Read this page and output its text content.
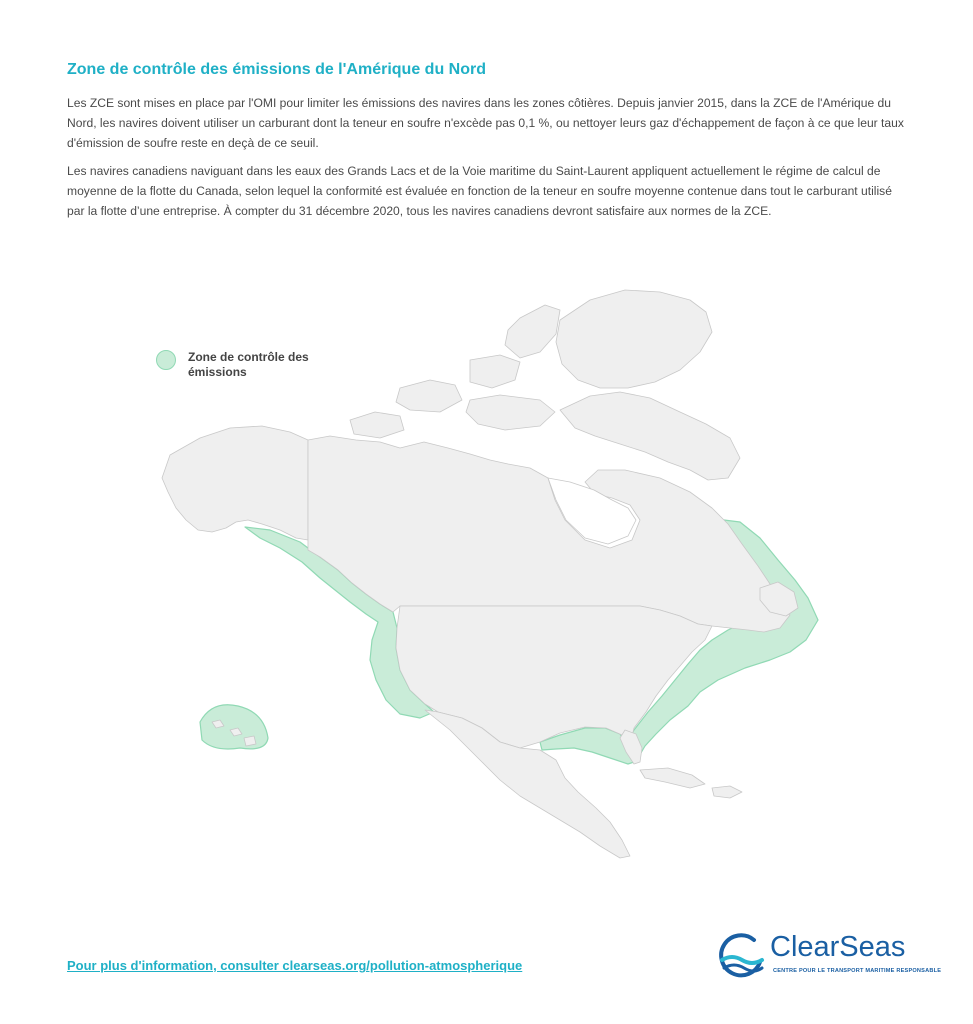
Zone de contrôle des émissions de l'Amérique du Nord

Les ZCE sont mises en place par l'OMI pour limiter les émissions des navires dans les zones côtières. Depuis janvier 2015, dans la ZCE de l'Amérique du Nord, les navires doivent utiliser un carburant dont la teneur en soufre n'excède pas 0,1 %, ou nettoyer leurs gaz d'échappement de façon à ce que leur taux d'émission de soufre reste en deçà de ce seuil.

Les navires canadiens naviguant dans les eaux des Grands Lacs et de la Voie maritime du Saint-Laurent appliquent actuellement le régime de calcul de moyenne de la flotte du Canada, selon lequel la conformité est évaluée en fonction de la teneur en soufre moyenne contenue dans tout le carburant utilisé par la flotte d’une entreprise. À compter du 31 décembre 2020, tous les navires canadiens devront satisfaire aux normes de la ZCE.

Zone de contrôle des émissions
Pour plus d'information, consulter clearseas.org/pollution-atmospherique
ClearSeas
CENTRE POUR LE TRANSPORT MARITIME RESPONSABLE
